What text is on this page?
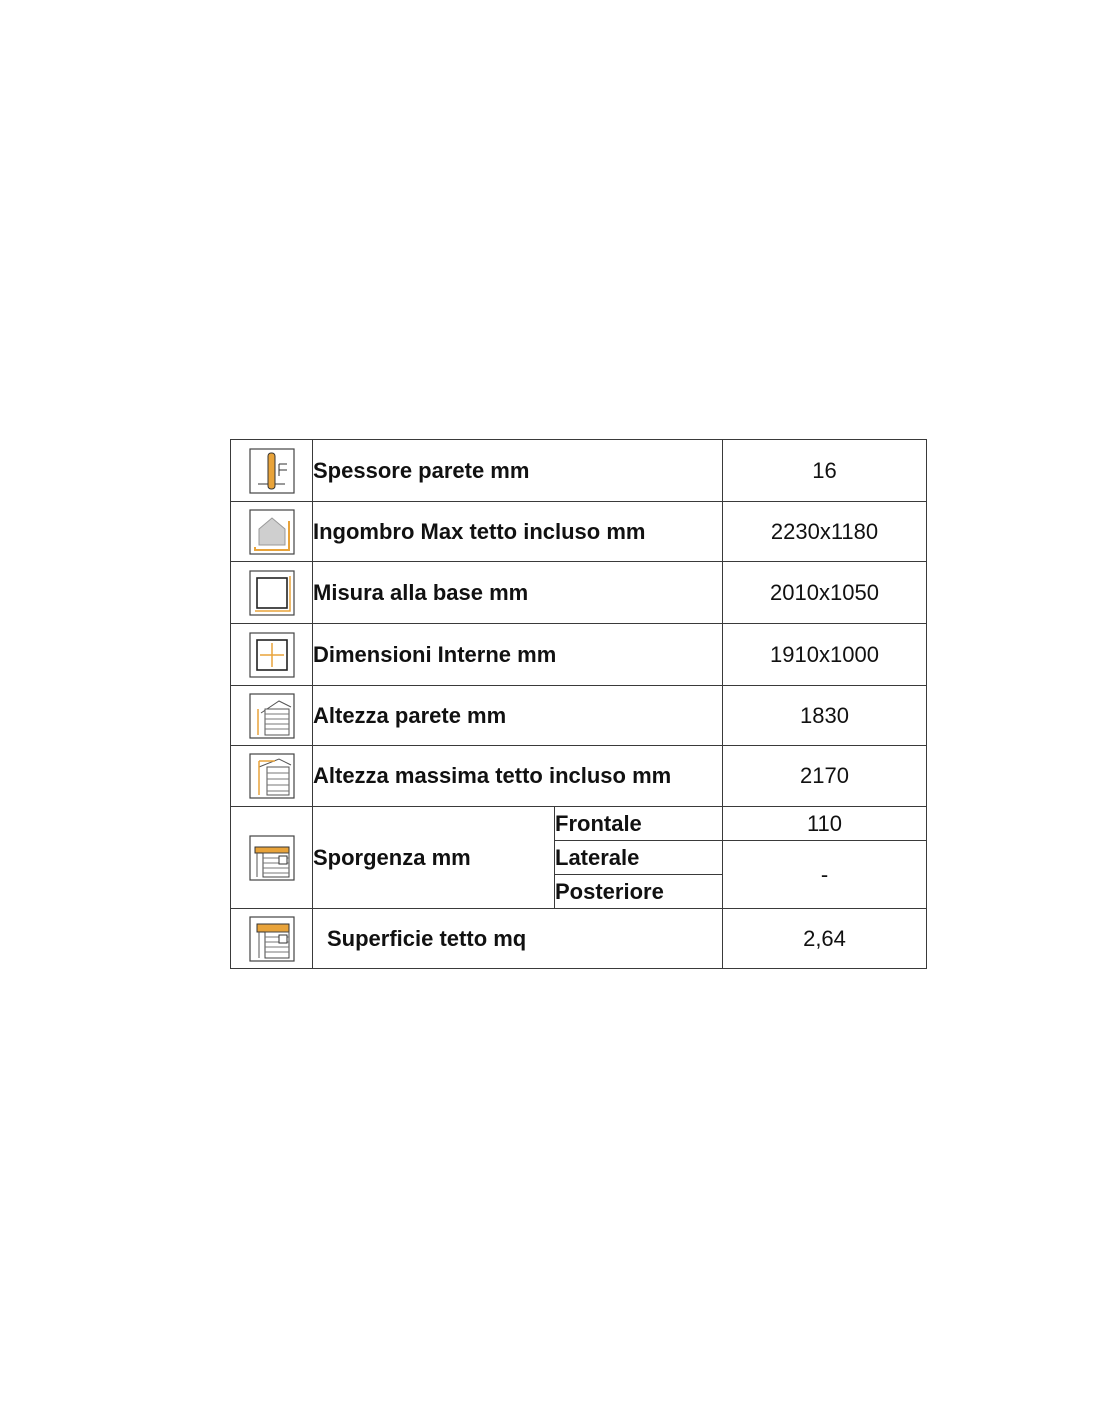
	Spessore parete mm		16

	Ingombro Max tetto incluso mm		2230x1180

	Misura alla base mm		2010x1050

	Dimensioni Interne mm		1910x1000

	Altezza parete mm		1830

	Altezza massima tetto incluso mm		2170

	Sporgenza mm	Frontale	110
		Laterale	-
		Posteriore	

	Superficie tetto mq		2,64
